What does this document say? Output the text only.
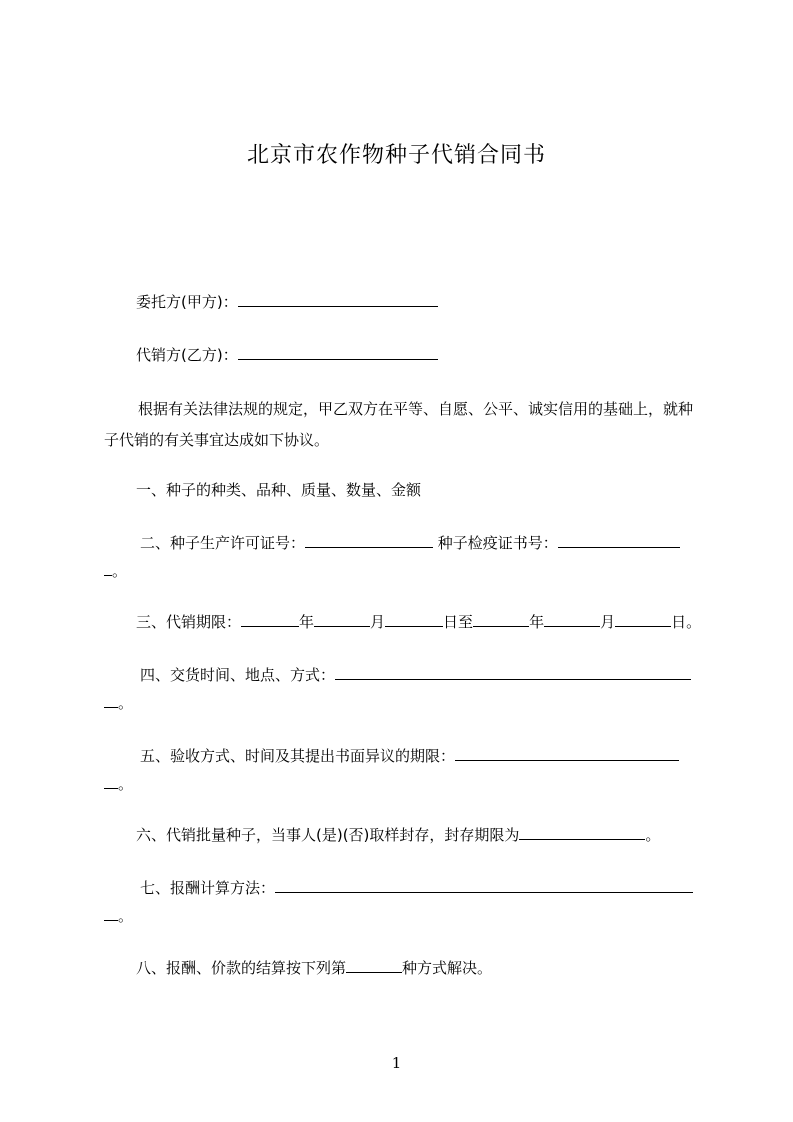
北京市农作物种子代销合同书
委托方(甲方)：
代销方(乙方)：
根据有关法律法规的规定，甲乙双方在平等、自愿、公平、诚实信用的基础上，就种子代销的有关事宜达成如下协议。
一、种子的种类、品种、质量、数量、金额
二、种子生产许可证号：	种子检疫证书号：
。
三、代销期限：	年	月	日至	年	月	日。
四、交货时间、地点、方式：
。
五、验收方式、时间及其提出书面异议的期限：
。
六、代销批量种子，当事人(是)(否)取样封存，封存期限为	。
七、报酬计算方法：
。
八、报酬、价款的结算按下列第	种方式解决。
1
